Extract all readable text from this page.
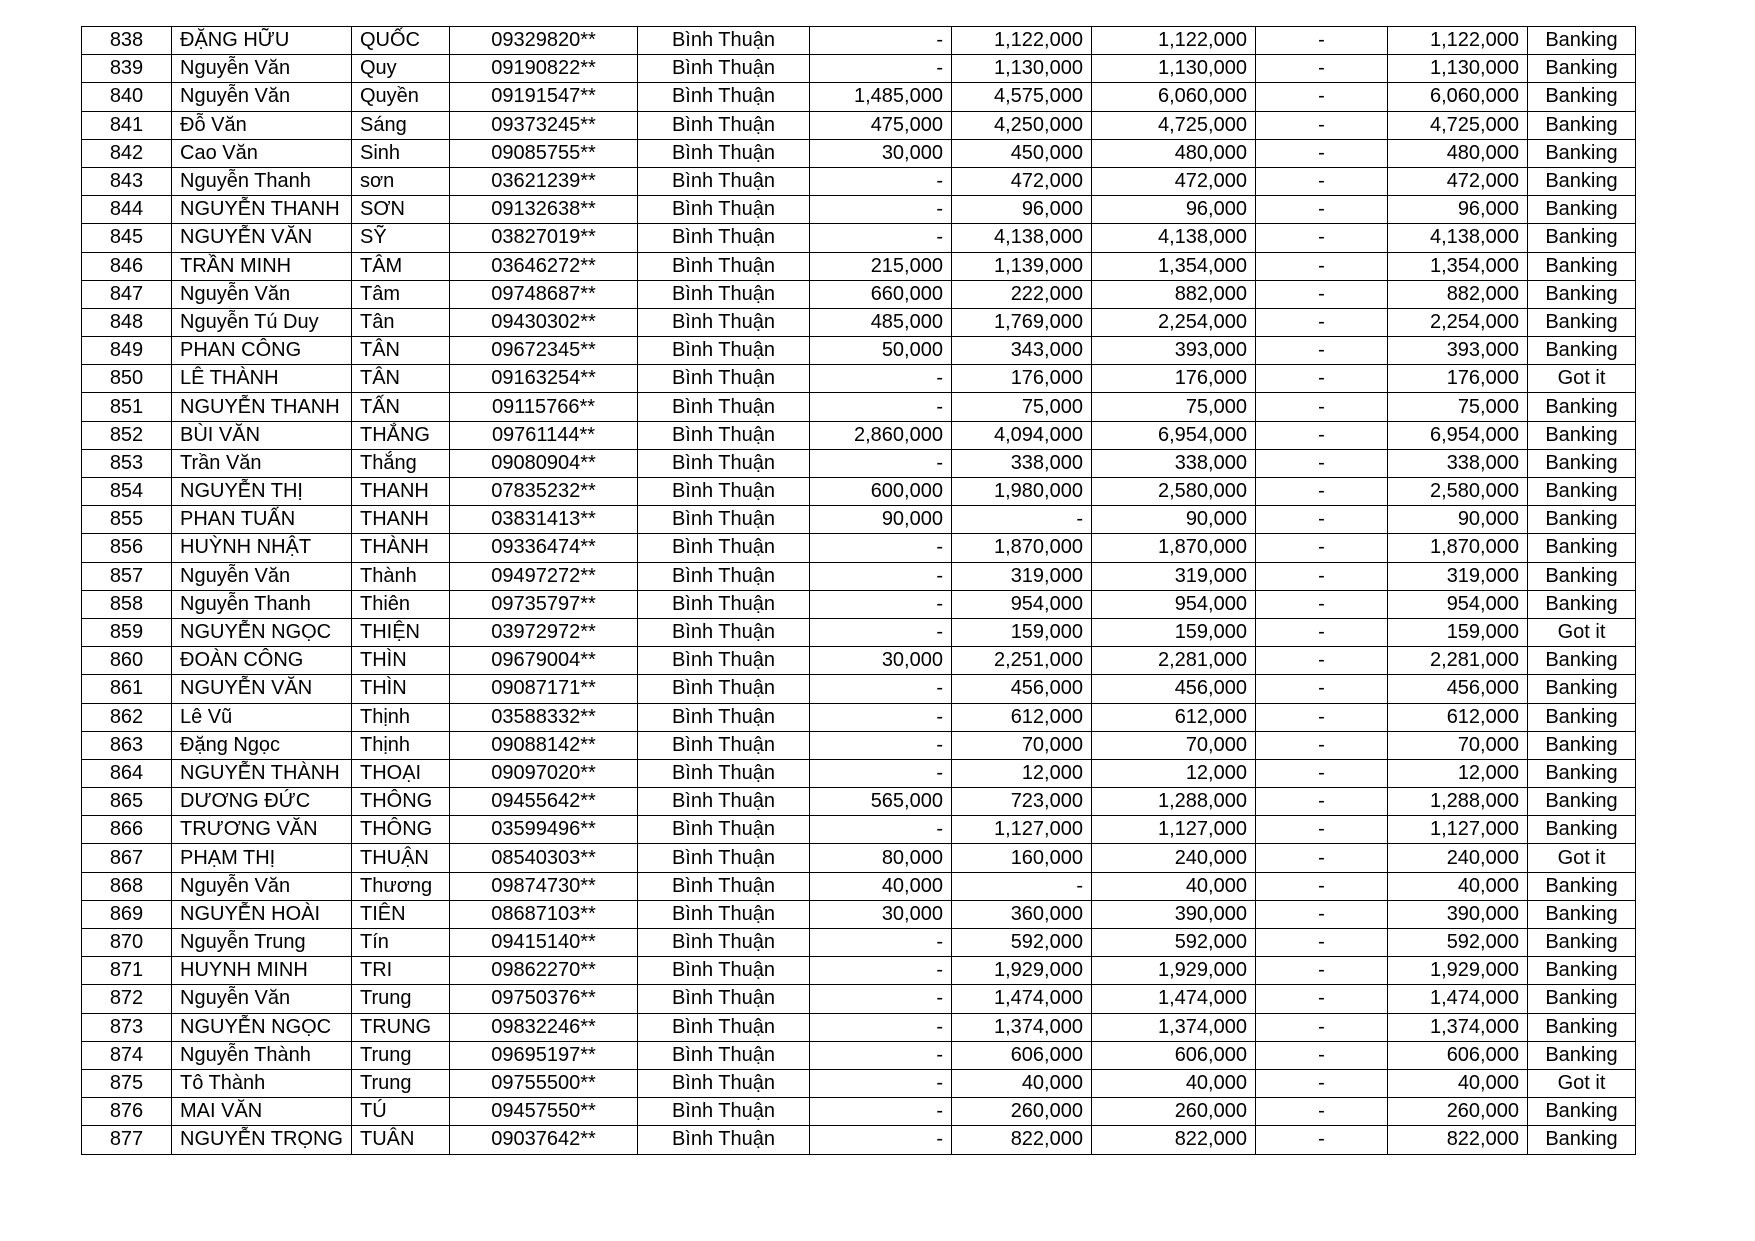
838	ĐẶNG HỮU	QUỐC	09329820**	Bình Thuận	-	1,122,000	1,122,000	-	1,122,000	Banking
839	Nguyễn Văn	Quy	09190822**	Bình Thuận	-	1,130,000	1,130,000	-	1,130,000	Banking
840	Nguyễn Văn	Quyền	09191547**	Bình Thuận	1,485,000	4,575,000	6,060,000	-	6,060,000	Banking
841	Đỗ Văn	Sáng	09373245**	Bình Thuận	475,000	4,250,000	4,725,000	-	4,725,000	Banking
842	Cao Văn	Sinh	09085755**	Bình Thuận	30,000	450,000	480,000	-	480,000	Banking
843	Nguyễn Thanh	sơn	03621239**	Bình Thuận	-	472,000	472,000	-	472,000	Banking
844	NGUYỄN THANH	SƠN	09132638**	Bình Thuận	-	96,000	96,000	-	96,000	Banking
845	NGUYỄN VĂN	SỸ	03827019**	Bình Thuận	-	4,138,000	4,138,000	-	4,138,000	Banking
846	TRẦN MINH	TÂM	03646272**	Bình Thuận	215,000	1,139,000	1,354,000	-	1,354,000	Banking
847	Nguyễn Văn	Tâm	09748687**	Bình Thuận	660,000	222,000	882,000	-	882,000	Banking
848	Nguyễn Tú Duy	Tân	09430302**	Bình Thuận	485,000	1,769,000	2,254,000	-	2,254,000	Banking
849	PHAN CÔNG	TÂN	09672345**	Bình Thuận	50,000	343,000	393,000	-	393,000	Banking
850	LÊ THÀNH	TÂN	09163254**	Bình Thuận	-	176,000	176,000	-	176,000	Got it
851	NGUYỄN THANH	TẤN	09115766**	Bình Thuận	-	75,000	75,000	-	75,000	Banking
852	BÙI VĂN	THẮNG	09761144**	Bình Thuận	2,860,000	4,094,000	6,954,000	-	6,954,000	Banking
853	Trần Văn	Thắng	09080904**	Bình Thuận	-	338,000	338,000	-	338,000	Banking
854	NGUYỄN THỊ	THANH	07835232**	Bình Thuận	600,000	1,980,000	2,580,000	-	2,580,000	Banking
855	PHAN TUẤN	THANH	03831413**	Bình Thuận	90,000	-	90,000	-	90,000	Banking
856	HUỲNH NHẬT	THÀNH	09336474**	Bình Thuận	-	1,870,000	1,870,000	-	1,870,000	Banking
857	Nguyễn Văn	Thành	09497272**	Bình Thuận	-	319,000	319,000	-	319,000	Banking
858	Nguyễn Thanh	Thiên	09735797**	Bình Thuận	-	954,000	954,000	-	954,000	Banking
859	NGUYỄN NGỌC	THIỆN	03972972**	Bình Thuận	-	159,000	159,000	-	159,000	Got it
860	ĐOÀN CÔNG	THÌN	09679004**	Bình Thuận	30,000	2,251,000	2,281,000	-	2,281,000	Banking
861	NGUYỄN VĂN	THÌN	09087171**	Bình Thuận	-	456,000	456,000	-	456,000	Banking
862	Lê Vũ	Thịnh	03588332**	Bình Thuận	-	612,000	612,000	-	612,000	Banking
863	Đặng Ngọc	Thịnh	09088142**	Bình Thuận	-	70,000	70,000	-	70,000	Banking
864	NGUYỄN THÀNH	THOẠI	09097020**	Bình Thuận	-	12,000	12,000	-	12,000	Banking
865	DƯƠNG ĐỨC	THÔNG	09455642**	Bình Thuận	565,000	723,000	1,288,000	-	1,288,000	Banking
866	TRƯƠNG VĂN	THÔNG	03599496**	Bình Thuận	-	1,127,000	1,127,000	-	1,127,000	Banking
867	PHẠM THỊ	THUẬN	08540303**	Bình Thuận	80,000	160,000	240,000	-	240,000	Got it
868	Nguyễn Văn	Thương	09874730**	Bình Thuận	40,000	-	40,000	-	40,000	Banking
869	NGUYỄN HOÀI	TIÊN	08687103**	Bình Thuận	30,000	360,000	390,000	-	390,000	Banking
870	Nguyễn Trung	Tín	09415140**	Bình Thuận	-	592,000	592,000	-	592,000	Banking
871	HUYNH MINH	TRI	09862270**	Bình Thuận	-	1,929,000	1,929,000	-	1,929,000	Banking
872	Nguyễn Văn	Trung	09750376**	Bình Thuận	-	1,474,000	1,474,000	-	1,474,000	Banking
873	NGUYỄN NGỌC	TRUNG	09832246**	Bình Thuận	-	1,374,000	1,374,000	-	1,374,000	Banking
874	Nguyễn Thành	Trung	09695197**	Bình Thuận	-	606,000	606,000	-	606,000	Banking
875	Tô Thành	Trung	09755500**	Bình Thuận	-	40,000	40,000	-	40,000	Got it
876	MAI VĂN	TÚ	09457550**	Bình Thuận	-	260,000	260,000	-	260,000	Banking
877	NGUYỄN TRỌNG	TUÂN	09037642**	Bình Thuận	-	822,000	822,000	-	822,000	Banking
